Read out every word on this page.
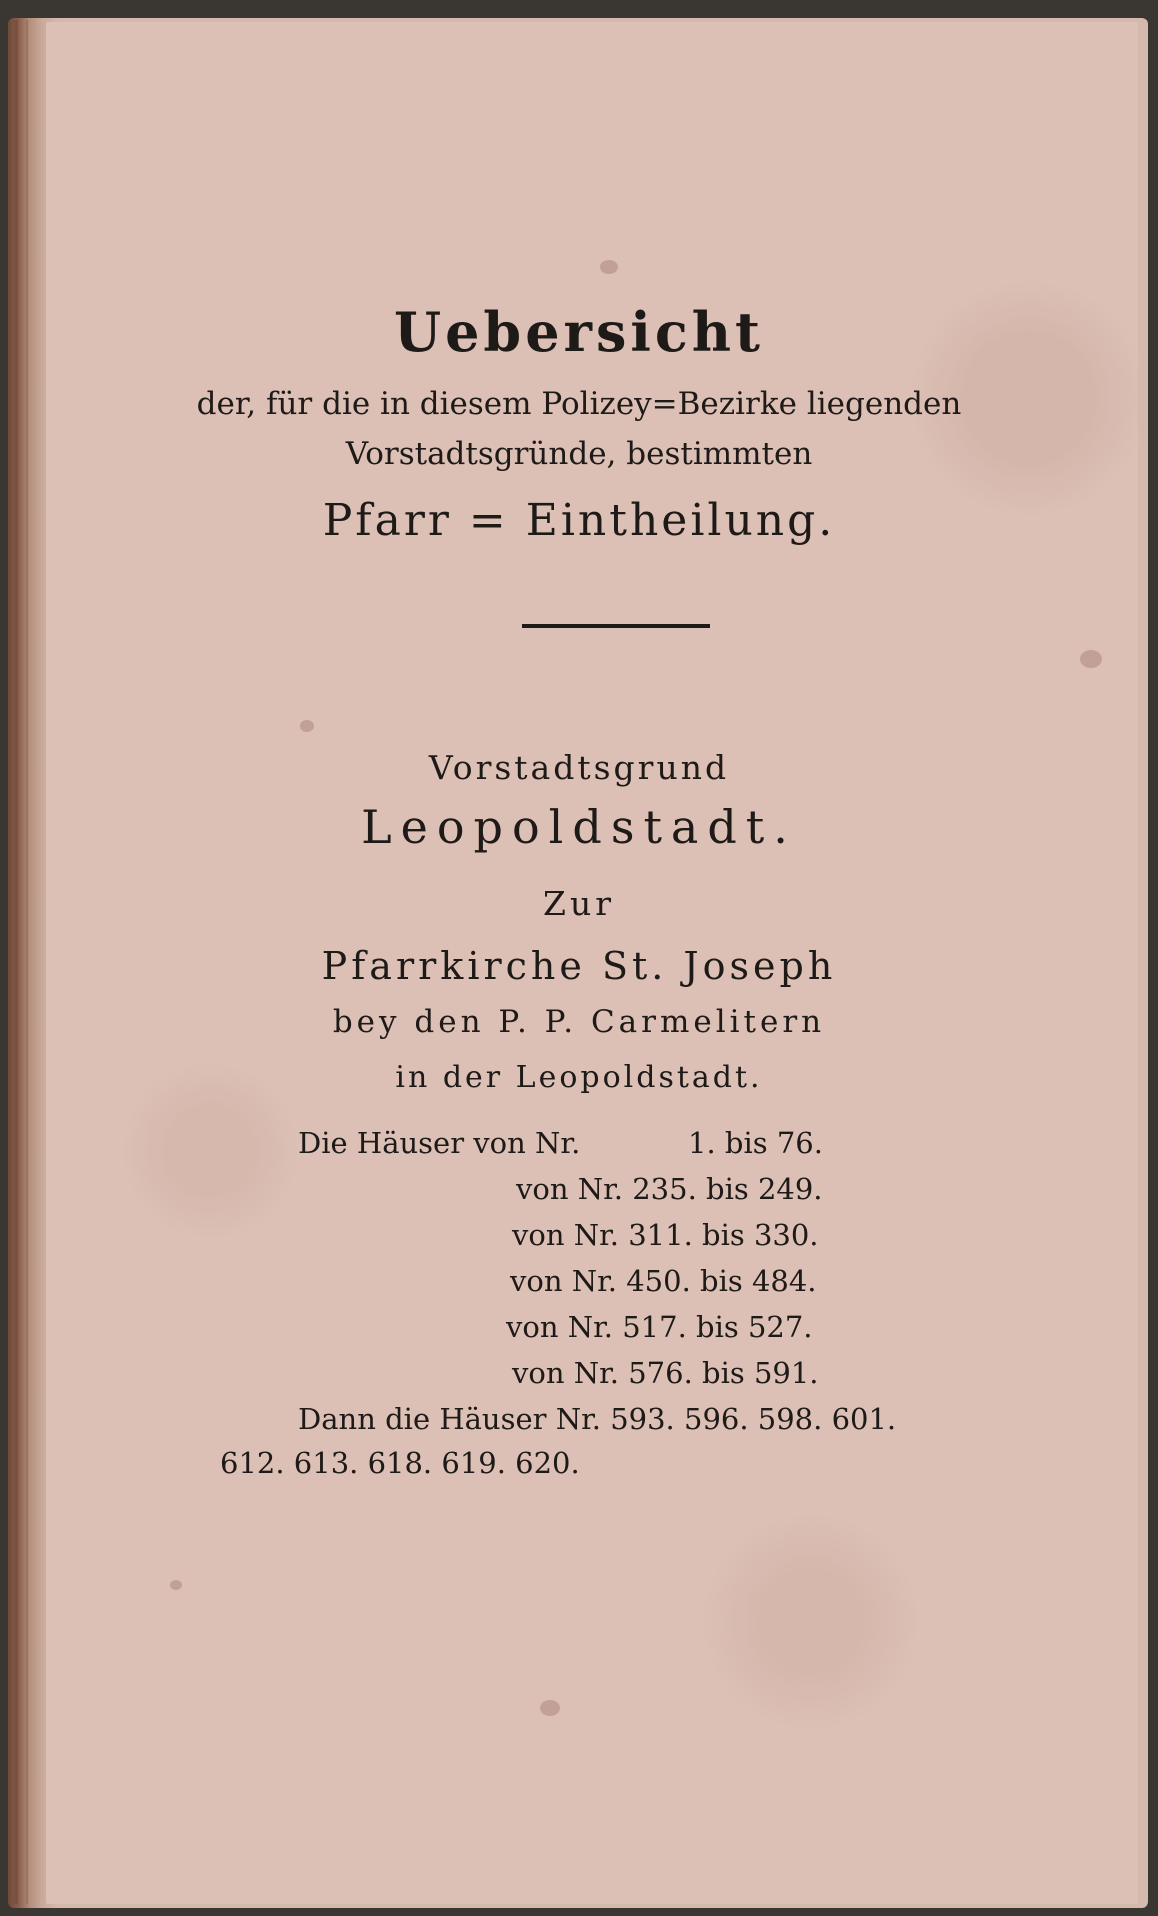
Uebersicht
der, für die in diesem Polizey=Bezirke liegenden
Vorstadtsgründe, bestimmten
Pfarr = Eintheilung.
Vorstadtsgrund
Leopoldstadt.
Zur
Pfarrkirche St. Joseph
bey den P. P. Carmelitern
in der Leopoldstadt.
Die Häuser von Nr.	1. bis 76.
von Nr. 235. bis 249.
von Nr. 311. bis 330.
von Nr. 450. bis 484.
von Nr. 517. bis 527.
von Nr. 576. bis 591.
Dann die Häuser Nr. 593. 596. 598. 601.
612. 613. 618. 619. 620.
